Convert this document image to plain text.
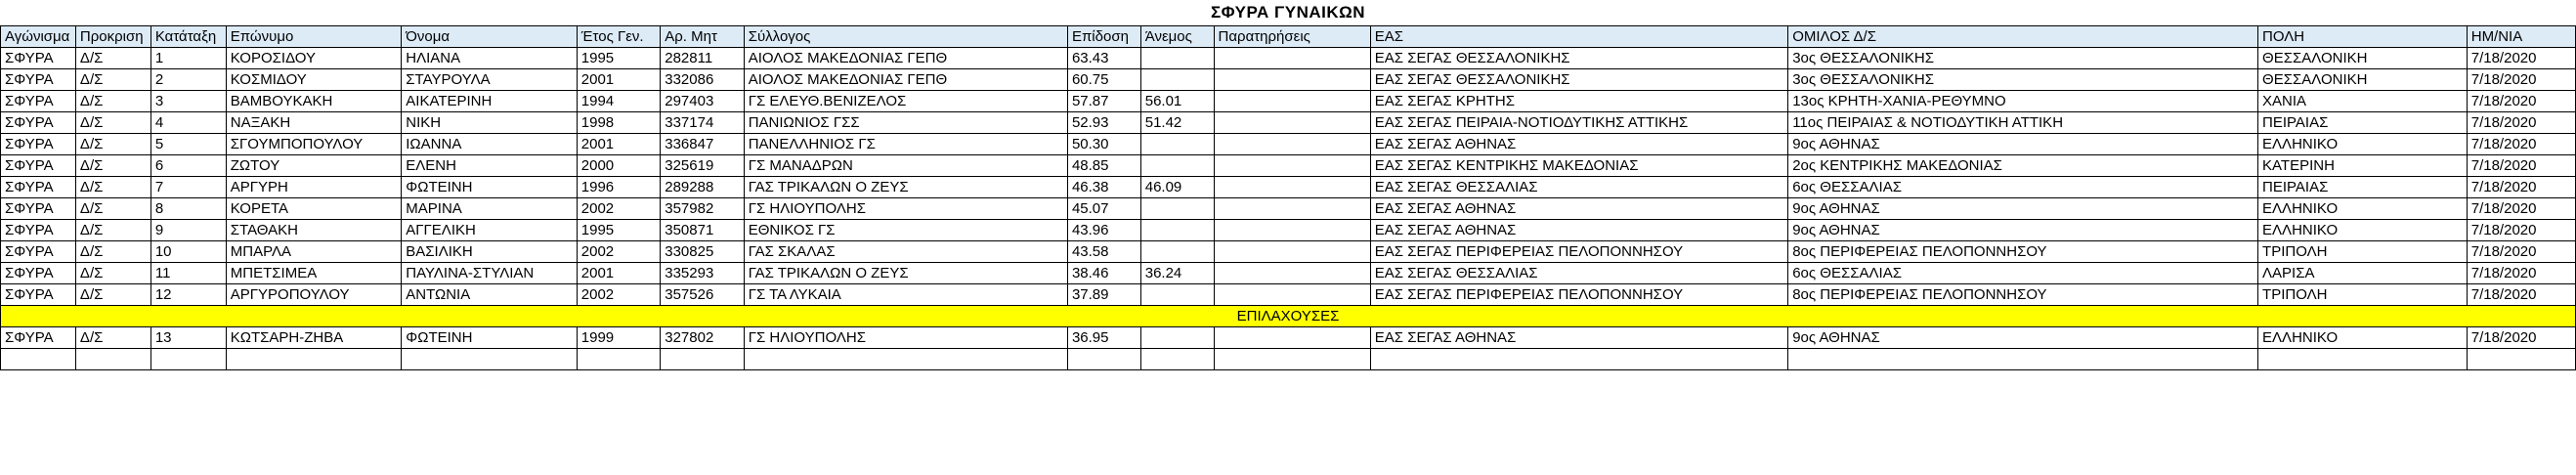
ΣΦΥΡΑ ΓΥΝΑΙΚΩΝ
Αγώνισμα	Προκριση	Κατάταξη	Επώνυμο	Όνομα	Έτος Γεν.	Αρ. Μητ	Σύλλογος	Επίδοση	Άνεμος	Παρατηρήσεις	ΕΑΣ	ΟΜΙΛΟΣ Δ/Σ	ΠΟΛΗ	ΗΜ/ΝΙΑ
ΣΦΥΡΑ	Δ/Σ	1	ΚΟΡΟΣΙΔΟΥ	ΗΛΙΑΝΑ	1995	282811	ΑΙΟΛΟΣ ΜΑΚΕΔΟΝΙΑΣ ΓΕΠΘ	63.43			ΕΑΣ ΣΕΓΑΣ ΘΕΣΣΑΛΟΝΙΚΗΣ	3ος ΘΕΣΣΑΛΟΝΙΚΗΣ	ΘΕΣΣΑΛΟΝΙΚΗ	7/18/2020
ΣΦΥΡΑ	Δ/Σ	2	ΚΟΣΜΙΔΟΥ	ΣΤΑΥΡΟΥΛΑ	2001	332086	ΑΙΟΛΟΣ ΜΑΚΕΔΟΝΙΑΣ ΓΕΠΘ	60.75			ΕΑΣ ΣΕΓΑΣ ΘΕΣΣΑΛΟΝΙΚΗΣ	3ος ΘΕΣΣΑΛΟΝΙΚΗΣ	ΘΕΣΣΑΛΟΝΙΚΗ	7/18/2020
ΣΦΥΡΑ	Δ/Σ	3	ΒΑΜΒΟΥΚΑΚΗ	ΑΙΚΑΤΕΡΙΝΗ	1994	297403	ΓΣ ΕΛΕΥΘ.ΒΕΝΙΖΕΛΟΣ	57.87	56.01		ΕΑΣ ΣΕΓΑΣ ΚΡΗΤΗΣ	13ος ΚΡΗΤΗ-ΧΑΝΙΑ-ΡΕΘΥΜΝΟ	ΧΑΝΙΑ	7/18/2020
ΣΦΥΡΑ	Δ/Σ	4	ΝΑΞΑΚΗ	ΝΙΚΗ	1998	337174	ΠΑΝΙΩΝΙΟΣ ΓΣΣ	52.93	51.42		ΕΑΣ ΣΕΓΑΣ ΠΕΙΡΑΙΑ-ΝΟΤΙΟΔΥΤΙΚΗΣ ΑΤΤΙΚΗΣ	11ος ΠΕΙΡΑΙΑΣ & ΝΟΤΙΟΔΥΤΙΚΗ ΑΤΤΙΚΗ	ΠΕΙΡΑΙΑΣ	7/18/2020
ΣΦΥΡΑ	Δ/Σ	5	ΣΓΟΥΜΠΟΠΟΥΛΟΥ	ΙΩΑΝΝΑ	2001	336847	ΠΑΝΕΛΛΗΝΙΟΣ ΓΣ	50.30			ΕΑΣ ΣΕΓΑΣ ΑΘΗΝΑΣ	9ος ΑΘΗΝΑΣ	ΕΛΛΗΝΙΚΟ	7/18/2020
ΣΦΥΡΑ	Δ/Σ	6	ΖΩΤΟΥ	ΕΛΕΝΗ	2000	325619	ΓΣ ΜΑΝΑΔΡΩΝ	48.85			ΕΑΣ ΣΕΓΑΣ ΚΕΝΤΡΙΚΗΣ ΜΑΚΕΔΟΝΙΑΣ	2ος ΚΕΝΤΡΙΚΗΣ ΜΑΚΕΔΟΝΙΑΣ	ΚΑΤΕΡΙΝΗ	7/18/2020
ΣΦΥΡΑ	Δ/Σ	7	ΑΡΓΥΡΗ	ΦΩΤΕΙΝΗ	1996	289288	ΓΑΣ ΤΡΙΚΑΛΩΝ Ο ΖΕΥΣ	46.38	46.09		ΕΑΣ ΣΕΓΑΣ ΘΕΣΣΑΛΙΑΣ	6ος ΘΕΣΣΑΛΙΑΣ	ΠΕΙΡΑΙΑΣ	7/18/2020
ΣΦΥΡΑ	Δ/Σ	8	ΚΟΡΕΤΑ	ΜΑΡΙΝΑ	2002	357982	ΓΣ ΗΛΙΟΥΠΟΛΗΣ	45.07			ΕΑΣ ΣΕΓΑΣ ΑΘΗΝΑΣ	9ος ΑΘΗΝΑΣ	ΕΛΛΗΝΙΚΟ	7/18/2020
ΣΦΥΡΑ	Δ/Σ	9	ΣΤΑΘΑΚΗ	ΑΓΓΕΛΙΚΗ	1995	350871	ΕΘΝΙΚΟΣ ΓΣ	43.96			ΕΑΣ ΣΕΓΑΣ ΑΘΗΝΑΣ	9ος ΑΘΗΝΑΣ	ΕΛΛΗΝΙΚΟ	7/18/2020
ΣΦΥΡΑ	Δ/Σ	10	ΜΠΑΡΛΑ	ΒΑΣΙΛΙΚΗ	2002	330825	ΓΑΣ ΣΚΑΛΑΣ	43.58			ΕΑΣ ΣΕΓΑΣ ΠΕΡΙΦΕΡΕΙΑΣ ΠΕΛΟΠΟΝΝΗΣΟΥ	8ος ΠΕΡΙΦΕΡΕΙΑΣ ΠΕΛΟΠΟΝΝΗΣΟΥ	ΤΡΙΠΟΛΗ	7/18/2020
ΣΦΥΡΑ	Δ/Σ	11	ΜΠΕΤΣΙΜΕΑ	ΠΑΥΛΙΝΑ-ΣΤΥΛΙΑΝ	2001	335293	ΓΑΣ ΤΡΙΚΑΛΩΝ Ο ΖΕΥΣ	38.46	36.24		ΕΑΣ ΣΕΓΑΣ ΘΕΣΣΑΛΙΑΣ	6ος ΘΕΣΣΑΛΙΑΣ	ΛΑΡΙΣΑ	7/18/2020
ΣΦΥΡΑ	Δ/Σ	12	ΑΡΓΥΡΟΠΟΥΛΟΥ	ΑΝΤΩΝΙΑ	2002	357526	ΓΣ ΤΑ ΛΥΚΑΙΑ	37.89			ΕΑΣ ΣΕΓΑΣ ΠΕΡΙΦΕΡΕΙΑΣ ΠΕΛΟΠΟΝΝΗΣΟΥ	8ος ΠΕΡΙΦΕΡΕΙΑΣ ΠΕΛΟΠΟΝΝΗΣΟΥ	ΤΡΙΠΟΛΗ	7/18/2020
ΕΠΙΛΑΧΟΥΣΕΣ														
ΣΦΥΡΑ	Δ/Σ	13	ΚΩΤΣΑΡΗ-ΖΗΒΑ	ΦΩΤΕΙΝΗ	1999	327802	ΓΣ ΗΛΙΟΥΠΟΛΗΣ	36.95			ΕΑΣ ΣΕΓΑΣ ΑΘΗΝΑΣ	9ος ΑΘΗΝΑΣ	ΕΛΛΗΝΙΚΟ	7/18/2020
